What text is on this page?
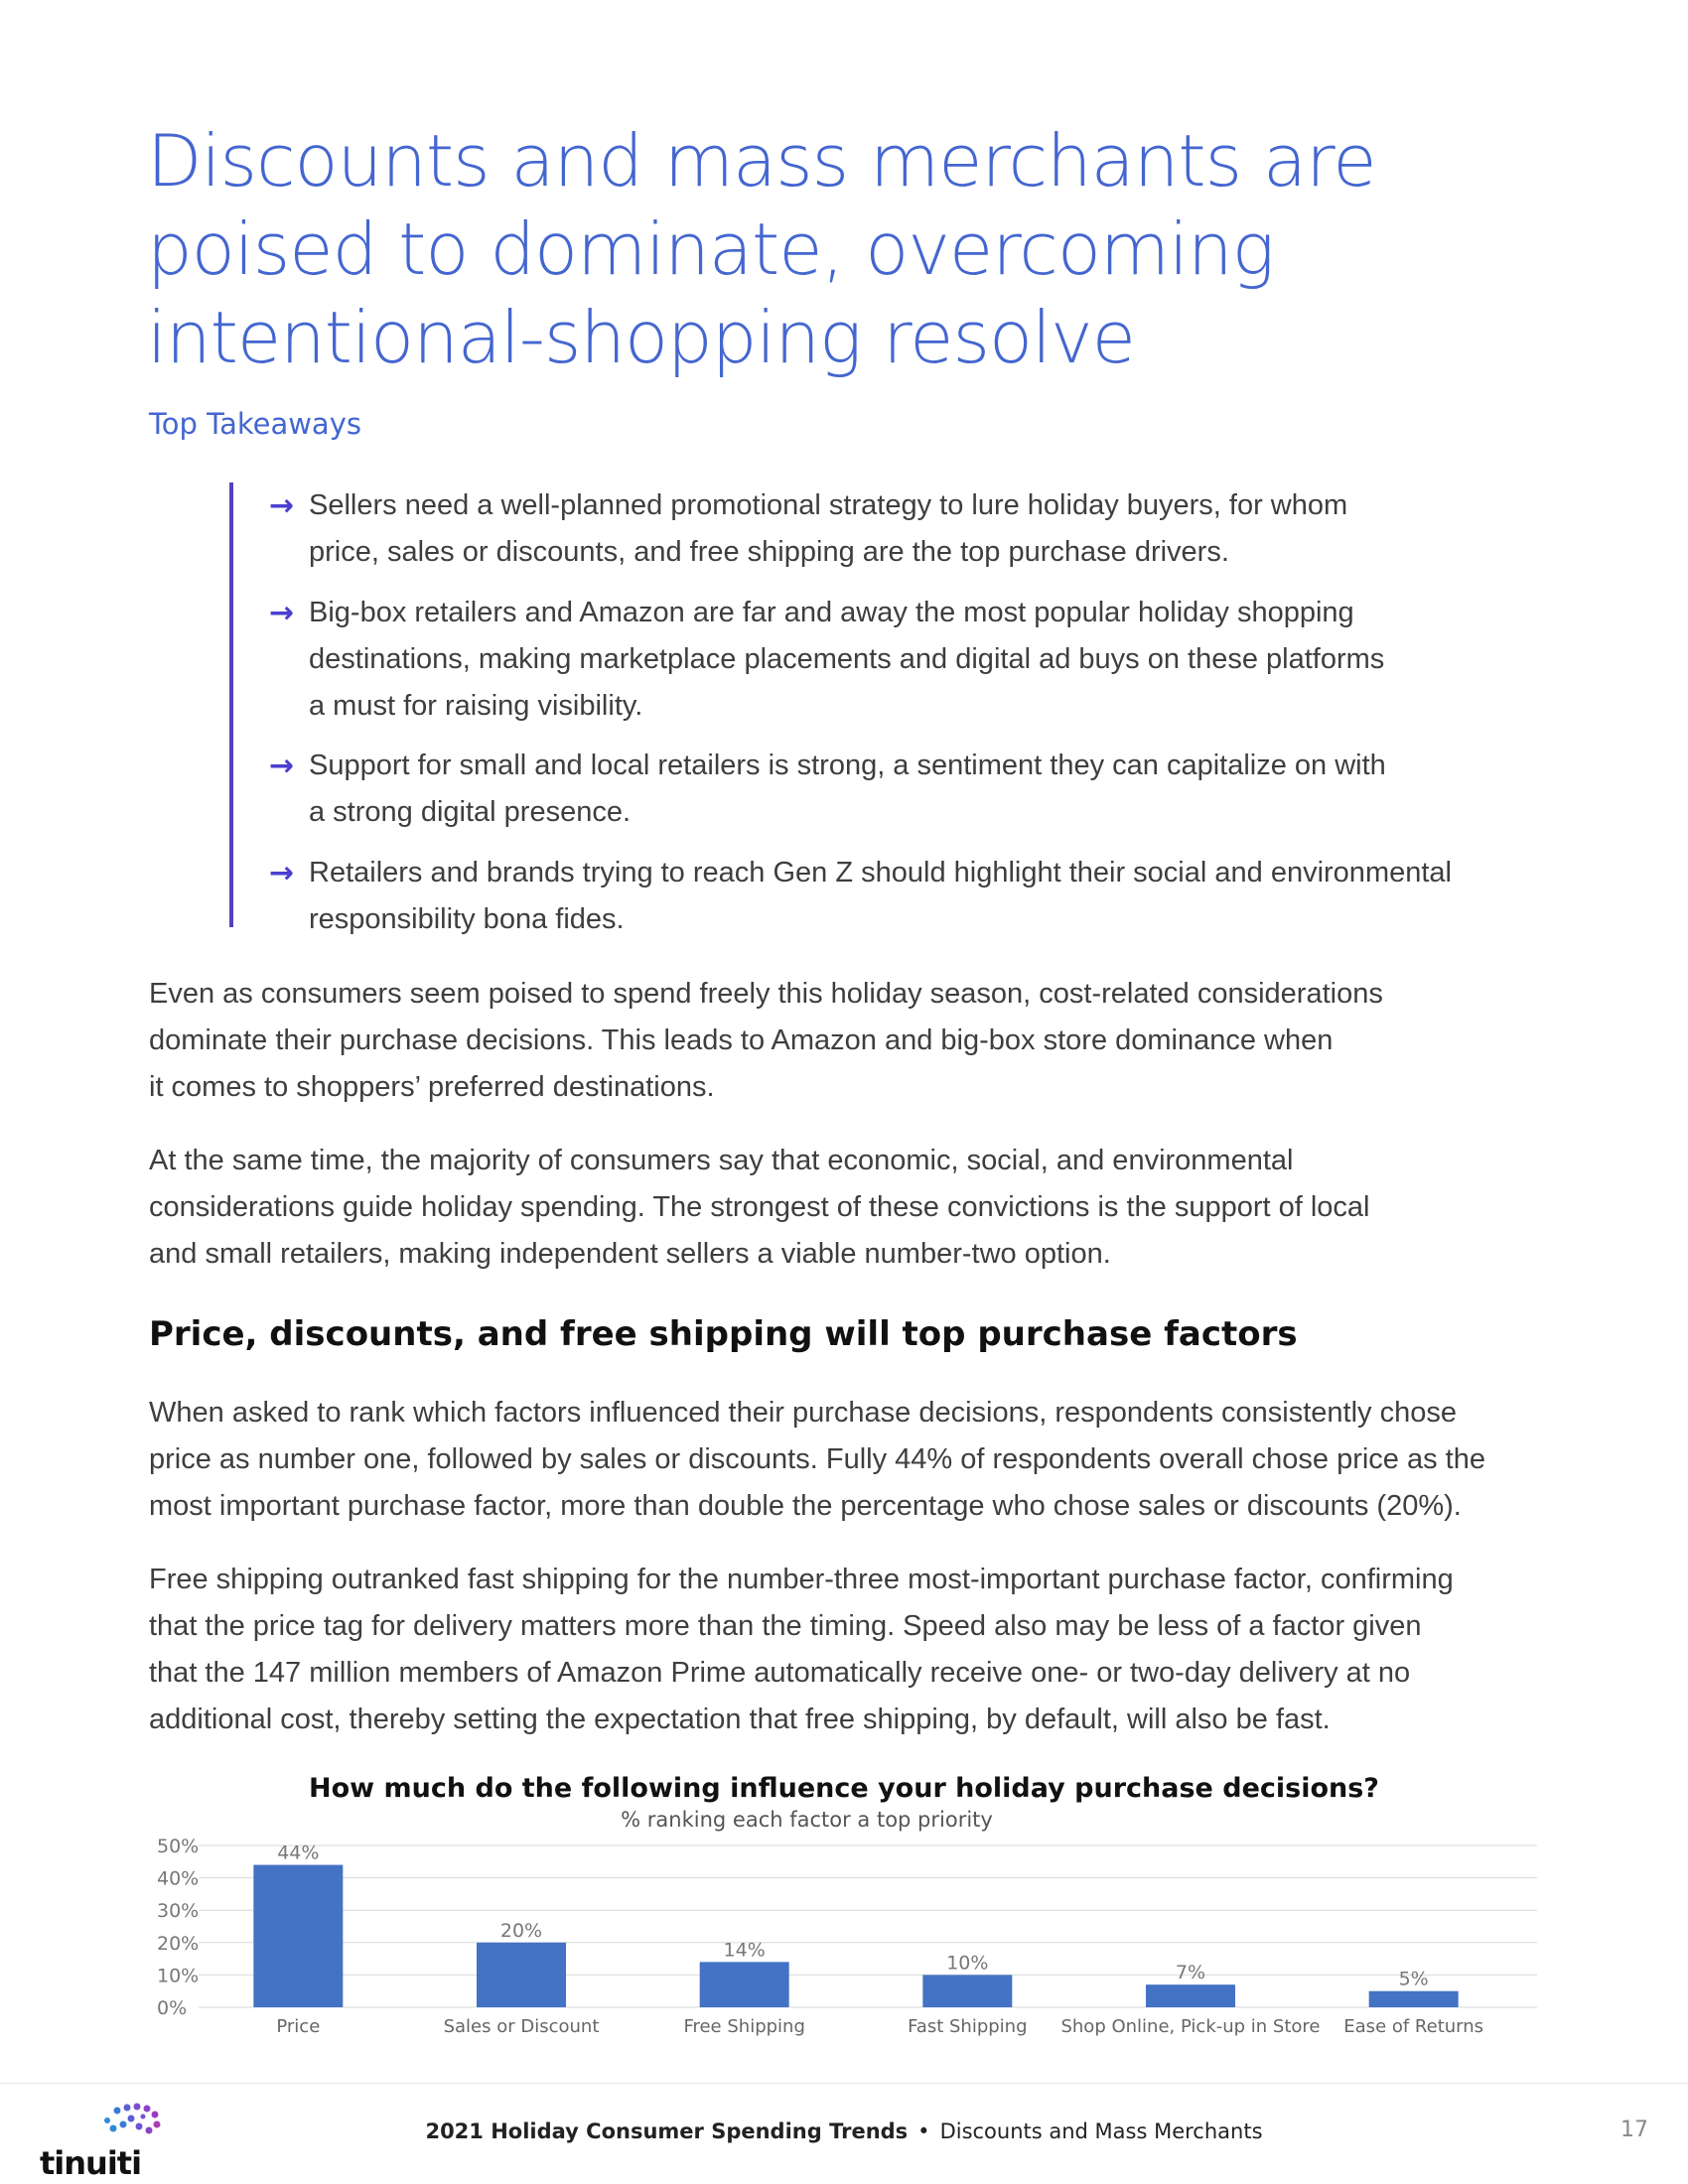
Discounts and mass merchants are
poised to dominate, overcoming
intentional-shopping resolve
Top Takeaways
→ Sellers need a well-planned promotional strategy to lure holiday buyers, for whom
price, sales or discounts, and free shipping are the top purchase drivers.
→ Big-box retailers and Amazon are far and away the most popular holiday shopping
destinations, making marketplace placements and digital ad buys on these platforms
a must for raising visibility.
→ Support for small and local retailers is strong, a sentiment they can capitalize on with
a strong digital presence.
→ Retailers and brands trying to reach Gen Z should highlight their social and environmental
responsibility bona fides.

Even as consumers seem poised to spend freely this holiday season, cost-related considerations
dominate their purchase decisions. This leads to Amazon and big-box store dominance when
it comes to shoppers’ preferred destinations.

At the same time, the majority of consumers say that economic, social, and environmental
considerations guide holiday spending. The strongest of these convictions is the support of local
and small retailers, making independent sellers a viable number-two option.

Price, discounts, and free shipping will top purchase factors

When asked to rank which factors influenced their purchase decisions, respondents consistently chose
price as number one, followed by sales or discounts. Fully 44% of respondents overall chose price as the
most important purchase factor, more than double the percentage who chose sales or discounts (20%).

Free shipping outranked fast shipping for the number-three most-important purchase factor, confirming
that the price tag for delivery matters more than the timing. Speed also may be less of a factor given
that the 147 million members of Amazon Prime automatically receive one- or two-day delivery at no
additional cost, thereby setting the expectation that free shipping, by default, will also be fast.

How much do the following influence your holiday purchase decisions?
% ranking each factor a top priority
0%
10%
20%
30%
40%
50%	44%
Price
20%
Sales or Discount
14%
Free Shipping
10%
Fast Shipping
7%
Shop Online, Pick-up in Store
5%
Ease of Returns
tinuiti
2021 Holiday Consumer Spending Trends • Discounts and Mass Merchants	17
